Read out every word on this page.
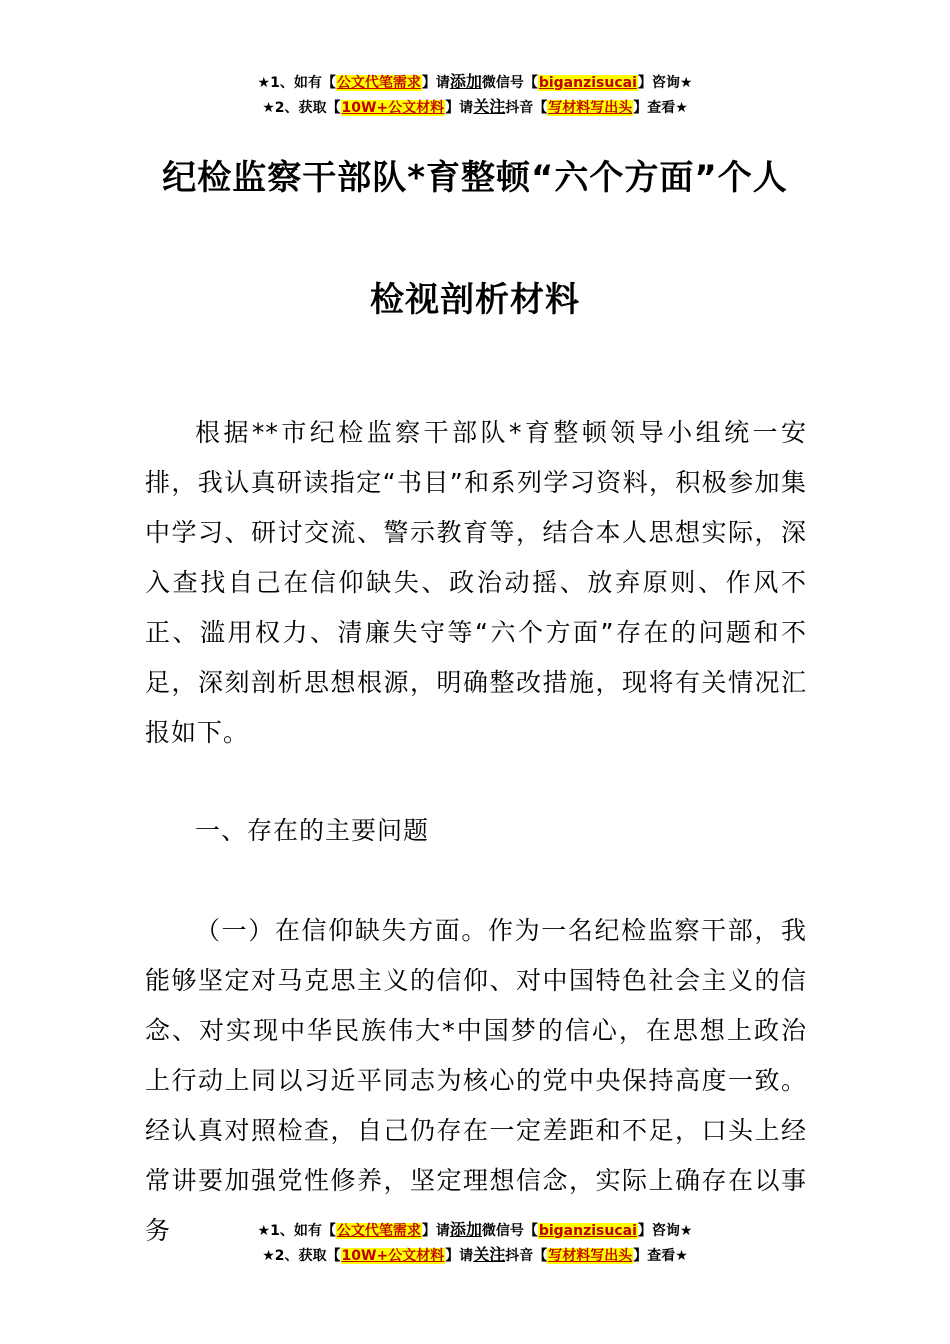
★1、如有【公文代笔需求】请添加微信号【biganzisucai】咨询★
★2、获取【10W+公文材料】请关注抖音【写材料写出头】查看★
纪检监察干部队*育整顿“六个方面”个人
检视剖析材料

根据**市纪检监察干部队*育整顿领导小组统一安排，我认真研读指定“书目”和系列学习资料，积极参加集中学习、研讨交流、警示教育等，结合本人思想实际，深入查找自己在信仰缺失、政治动摇、放弃原则、作风不正、滥用权力、清廉失守等“六个方面”存在的问题和不足，深刻剖析思想根源，明确整改措施，现将有关情况汇报如下。

一、存在的主要问题

（一）在信仰缺失方面。作为一名纪检监察干部，我能够坚定对马克思主义的信仰、对中国特色社会主义的信念、对实现中华民族伟大*中国梦的信心，在思想上政治上行动上同以习近平同志为核心的党中央保持高度一致。经认真对照检查，自己仍存在一定差距和不足，口头上经常讲要加强党性修养，坚定理想信念，实际上确存在以事务	★1、如有【公文代笔需求】请添加微信号【biganzisucai】咨询★
★2、获取【10W+公文材料】请关注抖音【写材料写出头】查看★
